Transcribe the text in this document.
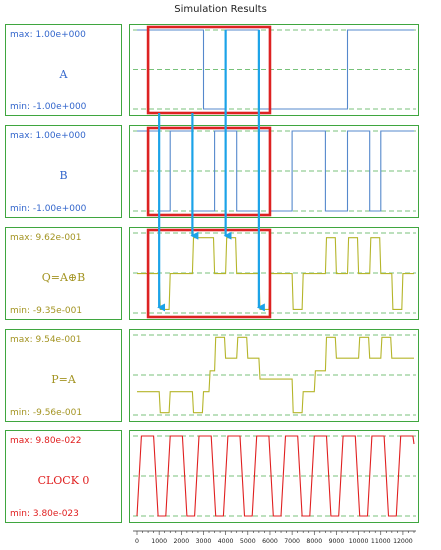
Simulation Results
max: 1.00e+000
A
min: -1.00e+000
max: 1.00e+000
B
min: -1.00e+000
max: 9.62e-001
Q=A⊕B
min: -9.35e-001
max: 9.54e-001
P=A
min: -9.56e-001
max: 9.80e-022
CLOCK 0
min: 3.80e-023
0 1000 2000 3000 4000 5000 6000 7000 8000 9000 10000 11000 12000
